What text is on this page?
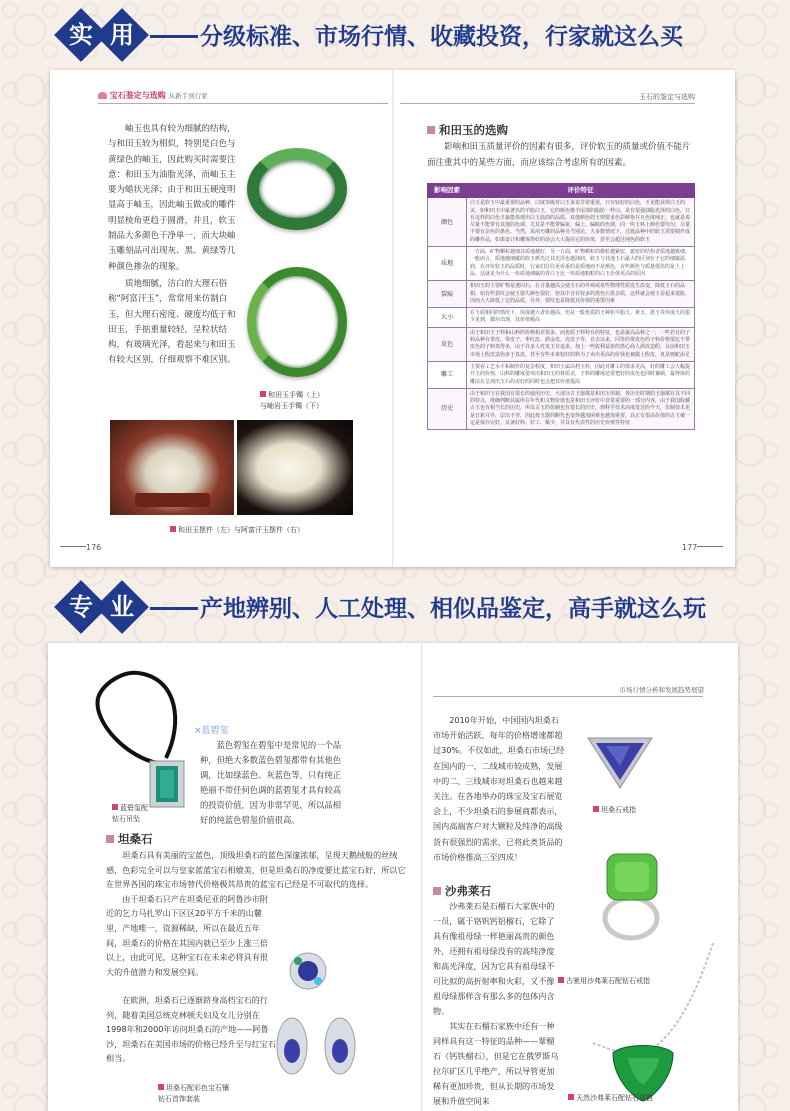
实 用	分级标准、市场行情、收藏投资，行家就这么买
宝石鉴定与选购 从新手到行家	玉石的鉴定与选购
岫玉也具有较为细腻的结构，与和田玉较为相似，特别是白色与黄绿色的岫玉，因此购买时需要注意：和田玉为油脂光泽，而岫玉主要为蜡状光泽；由于和田玉硬度明显高于岫玉，因此岫玉做成的雕件明显棱角更趋于圆滑，并且，软玉制品大多颜色干净单一，而大块岫玉雕刻品可出现灰、黑、黄绿等几种颜色掺杂的现象。
质地细腻，洁白的大理石俗称“阿富汗玉”，常常用来仿制白玉，但大理石密度、硬度均低于和田玉，手掂重量较轻，呈粒状结构，有玻璃光泽，看起来与和田玉有较大区别，仔细观察不难区别。
和田玉手镯（上）
与岫岩玉手镯（下）
和田玉摆件（左）与阿富汗玉摆件（右）
176	177
和田玉的选购
影响和田玉质量评价的因素有很多，评价软玉的质量或价值不能片面注重其中的某些方面，而应该综合考虑所有的因素。
影响因素	评价特征
颜色	白玉是软玉中最重要的品种，白度等级对白玉来说非常重要，只有较好的白色，才更能获得白玉的美，如和田玉中最著名的羊脂白玉，它的颜色像羊尾部的脂肪一样白，是有很强油脂光泽的白色，只有这样的白色才最能体现出白玉温润的品质，其他颜色的玉则要求色彩鲜艳并且色度纯正，也就是说尽量不能带有其他的色调，尤其是不能带偏灰、偏土、偏暗的色调，同一块玉料上颜色要均匀，尽量不要有杂色的条色、当然，采用巧雕的品种另当别论，大多数情况下，过渡品种中的软玉需要制作成的雕作品，如果设计和雕琢得好的话会大大提高它的价值，甚至会超过纯色的软玉
质地	一方面，矿物颗粒越细其质地越好，另一方面，矿物颗粒的微粒越紧密，致密的结构者质地越致细。一般而言，质地越细腻的软玉颜光泛其光泽也越油润，软玉与其他玉石最大的区别在于它的细腻温润，在评价软玉的品质时，行家们往往更看重的是质地而不是颜色，有些颜色与质量俱佳的是上上品，这就是为什么一块质地细腻的青白玉比一块质地粗粒的白玉价值更高的原因
裂痕	和田玉的主要矿物是透闪石，在含量越高会使玉石的外观或某些物理性质发生改变，降低玉石的品相，如有些裂纹会使玉器失颜色很好，但其中含有较多的黑色石墨杂质，这样就会使玉看起来很脏，因而大大降低了它的品质，另外，裂纹也是降低其价值的重要因素
大小	在玉质相同的情况下，块度越大者价越高，但是一般优质的玉种如羊脂玉、黄玉、墨玉等块度大的很少见到，偶尔出现，其价值极高
皮色	由于和田玉子料和山料的价格相差很多，而优质子料特有的特征，也是最高品种之一，一些若有的子料品种有带皮，带皮子、枣红皮、洒金皮、虎皮子等，自去以来，同等的带皮色的子料价格要比不带皮色的子料贵得多，由于许多人对皮玉有追求，加上一些收利益驱的黑心商人酒皮造假，目前和田玉市场上假皮造伪多于真皮，甚至有些本来较好的料为了卖出更高的价钱也被做上假皮，真是画蛇添足
雕工	主要看工艺水平和制作的复杂程度，和田玉属高档玉料，因此对雕工的要求更高，好的雕工会大幅提升玉的价值，山料的雕琢要突出和田玉的材质美，子料的雕琢还要把好的皮色也同时兼顾，最得体的雕法在呈现出玉石的美好的同时也会把其价值提高
历史	由于和田玉在我国有很长的使用历史，大部分古玉器都是和田玉所制，各历史时期的玉器都有其不同的特点，准确判断其属所在年代和文物价值也是和田玉评价中非常重要的一部分内容，由于我国收藏古玉也有相当长的历史，所以古玉的仿制也有很长的历史，到科学技术高度发达的今天，仿制技术更是日新月异，层出不穷，因此按玉器的断代也变得越加困难也越加重要，具正有很高价值的古玉被一定是保存完好，具备好料、好工、稀少，并具有代表性的历史价值等特征
专 业	产地辨别、人工处理、相似品鉴定，高手就这么玩
市场行情分析和发展趋势展望
蓝碧玺配
钻石吊坠
×蓝碧玺
蓝色碧玺在碧玺中是常见的一个品种，但绝大多数蓝色碧玺都带有其他色调，比如绿蓝色、灰蓝色等，只有纯正艳丽不带任何色调的蓝碧玺才具有较高的投资价值，因为非常罕见，所以品相好的纯蓝色碧玺价值很高。
坦桑石
坦桑石具有美丽的宝蓝色，顶级坦桑石的蓝色深邃浓郁，呈现天鹅绒般的丝绒感，色彩完全可以与皇家蓝蓝宝石相媲美，但是坦桑石的净度要比蓝宝石好，所以它在世界各国的珠宝市场替代价格极其昂贵的蓝宝石已经是不可取代的选择。
由于坦桑石只产在坦桑尼亚的阿鲁沙市附近的乞力马扎罗山下区区20平方千米的山麓里，产地唯一，资源稀缺，所以在最近五年间，坦桑石的价格在其国内就已至少上涨三倍以上，由此可见，这种宝石在未来必将具有很大的升值潜力和发展空间。
在欧洲，坦桑石已逐渐跻身高档宝石的行列，随着美国总统克林顿夫妇及女儿分别在1998年和2000年访问坦桑石的产地——阿鲁沙，坦桑石在美国市场的价格已经升至与红宝石相当。
坦桑石配彩色宝石镶
钻石首饰套装
2010年开始，中国国内坦桑石市场开始活跃，每年的价格增速都超过30%。不仅如此，坦桑石市场已经在国内的一、二线城市较成熟，发展中的二、三线城市对坦桑石也越来越关注。在各地举办的珠宝及宝石展览会上，不少坦桑石的参展商都表示，国内高端客户对大颗粒及纯净的高级货有很强烈的需求，已将此类货品的市场价格推高三至四成！
沙弗莱石
沙弗莱石是石榴石大家族中的一员，属于铬钒钙铝榴石，它除了具有像祖母绿一样艳丽高贵的颜色外，还拥有祖母绿没有的高纯净度和高光泽度，因为它具有祖母绿不可比拟的高折射率和火彩，又不像祖母绿那样含有那么多的包体内含物。
其实在石榴石家族中还有一种同样具有这一特征的品种——翠榴石（钙铁榴石），但是它在俄罗斯乌拉尔矿区几乎绝产，所以导管更加稀有更加珍贵，但从长期的市场发展和升值空间来
坦桑石戒指
古驰用沙弗莱石配钻石戒指
天然沙弗莱石配钻石项链
